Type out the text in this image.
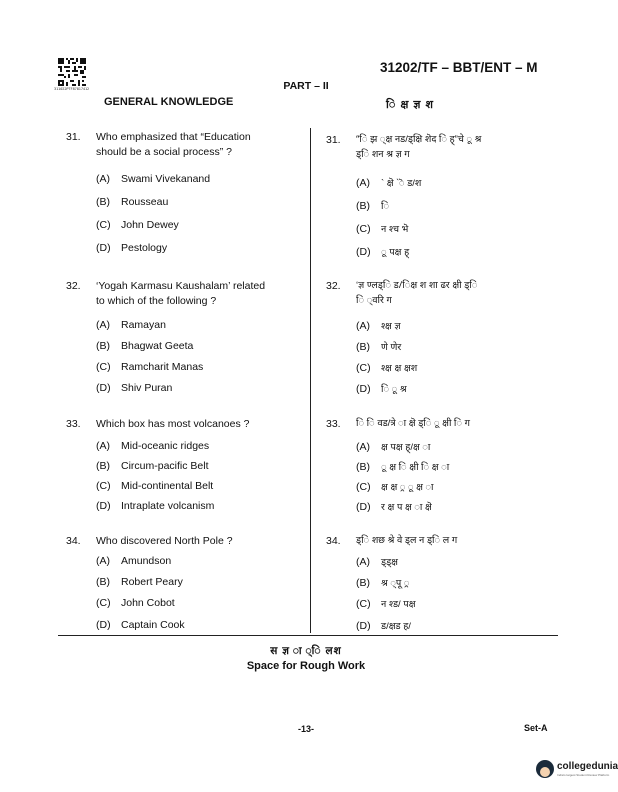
311022PTF87817412
31202/TF – BBT/ENT – M
PART – II
GENERAL KNOWLEDGE	ि क्ष ज्ञ श
31. Who emphasized that “Education
should be a social process” ?
(A) Swami Vivekanand
(B) Rousseau
(C) John Dewey
(D) Pestology
32. ‘Yogah Karmasu Kaushalam’ related
to which of the following ?
(A) Ramayan
(B) Bhagwat Geeta
(C) Ramcharit Manas
(D) Shiv Puran
33. Which box has most volcanoes ?
(A) Mid-oceanic ridges
(B) Circum-pacific Belt
(C) Mid-continental Belt
(D) Intraplate volcanism
34. Who discovered North Pole ?
(A) Amundson
(B) Robert Peary
(C) John Cobot
(D) Captain Cook
31. “ि झ ्क्ष नड/ड्क्षि शॆद ि ह्”चे ू श्र
ड्ि शन श्र ज्ञ ग
(A) ` क्षॆ `ॆ ड/श
(B) ि
(C) न श्च भॆ
(D) ू पक्ष ह्
32. ‘ज्ञ ण्लड्ि ड/िक्ष श शा ढर क्षी ड्ि
ि ्वरि ग
(A) श्क्ष ज्ञ
(B) णे णेर
(C) श्क्ष क्ष क्षश
(D) ि ू श्र
33. ि ि वड/त्रे ा क्षॆ ड्ि ू क्षी ि ग
(A) क्ष पक्ष ह्/क्ष ा
(B) ू क्ष ि क्षी ि क्ष ा
(C) क्ष क्ष ्र ू क्ष ा
(D) र क्ष प क्ष ा क्षॆ
34. ड्ि शछ श्रे वे ड्ल न ड्ि ल ग
(A) ड्ड्क्ष
(B) श्र ्पू ्र
(C) न श्ड/ पक्ष
(D) ड/क्षड ह/
स ज्ञ ा ्ि लश
Space for Rough Work
-13-	Set-A
collegedunia
India's largest Student Review Platform
